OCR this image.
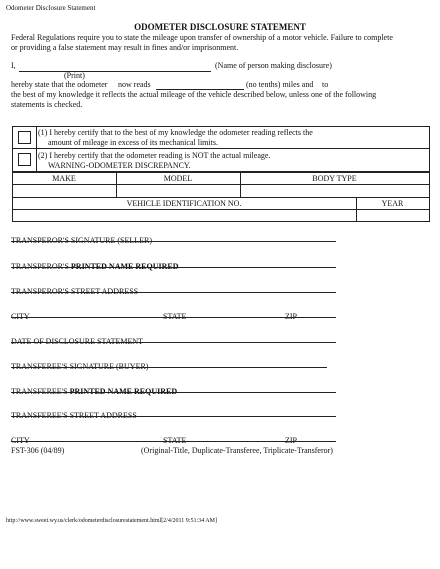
Odometer Disclosure Statement
ODOMETER DISCLOSURE STATEMENT
Federal Regulations require you to state the mileage upon transfer of ownership of a motor vehicle. Failure to complete
or providing a false statement may result in fines and/or imprisonment.
I,	(Name of person making disclosure)
(Print)
hereby state that the odometer now reads	(no tenths) miles and to
the best of my knowledge it reflects the actual mileage of the vehicle described below, unless one of the following
statements is checked.
(1) I hereby certify that to the best of my knowledge the odometer reading reflects the
amount of mileage in excess of its mechanical limits.
(2) I hereby certify that the odometer reading is NOT the actual mileage.
WARNING-ODOMETER DISCREPANCY.
MAKE	MODEL	BODY TYPE
VEHICLE IDENTIFICATION NO.	YEAR
TRANSPEROR'S SIGNATURE (SELLER)
TRANSPEROR'S PRINTED NAME REQUIRED
TRANSPEROR'S STREET ADDRESS
CITY	STATE	ZIP
DATE OF DISCLOSURE STATEMENT
TRANSFEREE'S SIGNATURE (BUYER)
TRANSFEREE'S PRINTED NAME REQUIRED
TRANSFEREE'S STREET ADDRESS
CITY	STATE	ZIP
FST-306 (04/89)	(Original-Title, Duplicate-Transferee, Triplicate-Transferor)
http://www.sweet.wy.us/clerk/odometerdisclosurestatement.html[2/4/2011 9:51:34 AM]
